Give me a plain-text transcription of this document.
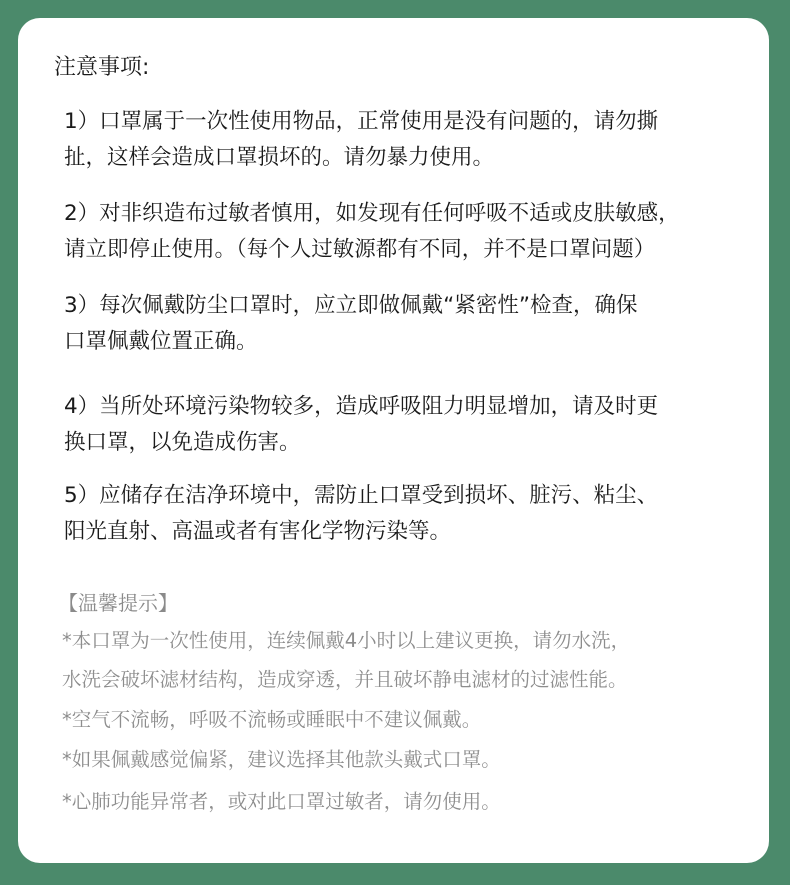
注意事项:

1）口罩属于一次性使用物品，正常使用是没有问题的，请勿撕

扯，这样会造成口罩损坏的。请勿暴力使用。

2）对非织造布过敏者慎用，如发现有任何呼吸不适或皮肤敏感，

请立即停止使用。（每个人过敏源都有不同，并不是口罩问题）

3）每次佩戴防尘口罩时，应立即做佩戴“紧密性”检查，确保

口罩佩戴位置正确。

4）当所处环境污染物较多，造成呼吸阻力明显增加，请及时更

换口罩，以免造成伤害。

5）应储存在洁净环境中，需防止口罩受到损坏、脏污、粘尘、

阳光直射、高温或者有害化学物污染等。

【温馨提示】

*本口罩为一次性使用，连续佩戴4小时以上建议更换，请勿水洗，

水洗会破坏滤材结构，造成穿透，并且破坏静电滤材的过滤性能。

*空气不流畅，呼吸不流畅或睡眠中不建议佩戴。

*如果佩戴感觉偏紧，建议选择其他款头戴式口罩。

*心肺功能异常者，或对此口罩过敏者，请勿使用。
